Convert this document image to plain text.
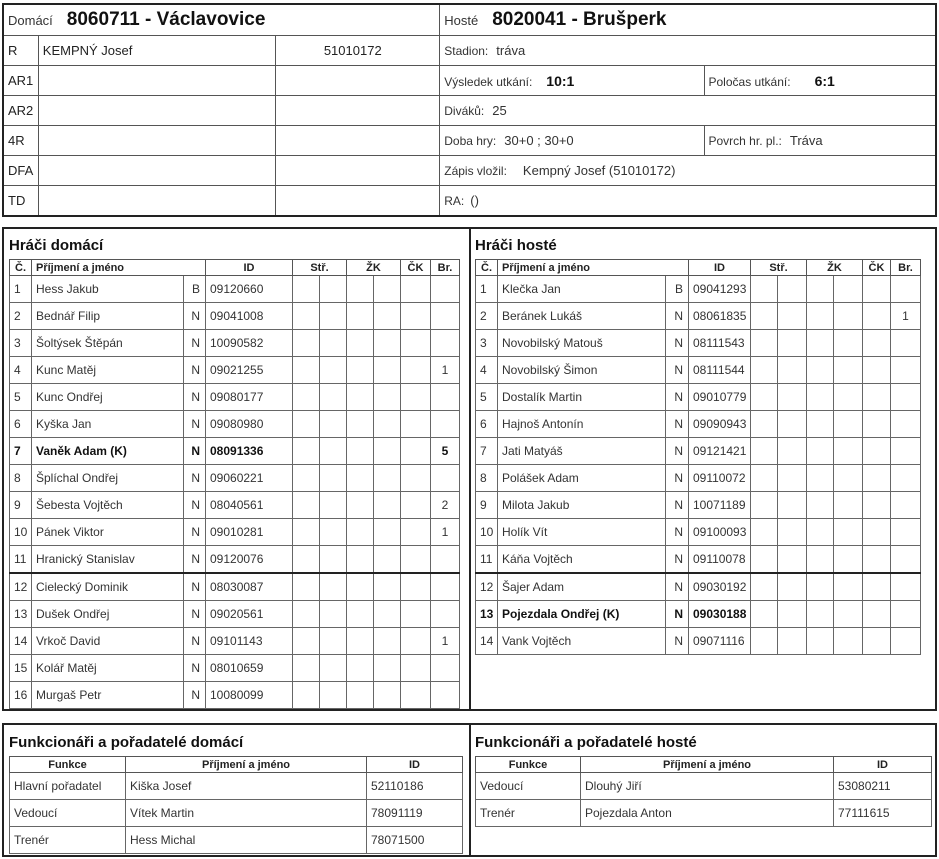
Domácí 8060711 - Václavovice			Hosté 8020041 - Brušperk	
R	KEMPNÝ Josef	51010172	Stadion: tráva	
AR1			Výsledek utkání: 10:1	Poločas utkání: 6:1
AR2			Diváků: 25	
4R			Doba hry: 30+0 ; 30+0	Povrch hr. pl.: Tráva
DFA			Zápis vložil: Kempný Josef (51010172)	
TD			RA: ()	
Hráči domácí	Hráči hosté
Č.	Příjmení a jméno		ID	Stř.		ŽK		ČK	Br.
1	Hess Jakub	B	09120660						
2	Bednář Filip	N	09041008						
3	Šoltýsek Štěpán	N	10090582						
4	Kunc Matěj	N	09021255						1
5	Kunc Ondřej	N	09080177						
6	Kyška Jan	N	09080980						
7	Vaněk Adam (K)	N	08091336						5
8	Šplíchal Ondřej	N	09060221						
9	Šebesta Vojtěch	N	08040561						2
10	Pánek Viktor	N	09010281						1
11	Hranický Stanislav	N	09120076						
12	Cielecký Dominik	N	08030087						
13	Dušek Ondřej	N	09020561						
14	Vrkoč David	N	09101143						1
15	Kolář Matěj	N	08010659						
16	Murgaš Petr	N	10080099						
Č.	Příjmení a jméno		ID	Stř.		ŽK		ČK	Br.
1	Klečka Jan	B	09041293						
2	Beránek Lukáš	N	08061835						1
3	Novobilský Matouš	N	08111543						
4	Novobilský Šimon	N	08111544						
5	Dostalík Martin	N	09010779						
6	Hajnoš Antonín	N	09090943						
7	Jati Matyáš	N	09121421						
8	Polášek Adam	N	09110072						
9	Milota Jakub	N	10071189						
10	Holík Vít	N	09100093						
11	Káňa Vojtěch	N	09110078						
12	Šajer Adam	N	09030192						
13	Pojezdala Ondřej (K)	N	09030188						
14	Vank Vojtěch	N	09071116						
Funkcionáři a pořadatelé domácí	Funkcionáři a pořadatelé hosté
Funkce	Příjmení a jméno	ID
Hlavní pořadatel	Kiška Josef	52110186
Vedoucí	Vítek Martin	78091119
Trenér	Hess Michal	78071500
Funkce	Příjmení a jméno	ID
Vedoucí	Dlouhý Jiří	53080211
Trenér	Pojezdala Anton	77111615
